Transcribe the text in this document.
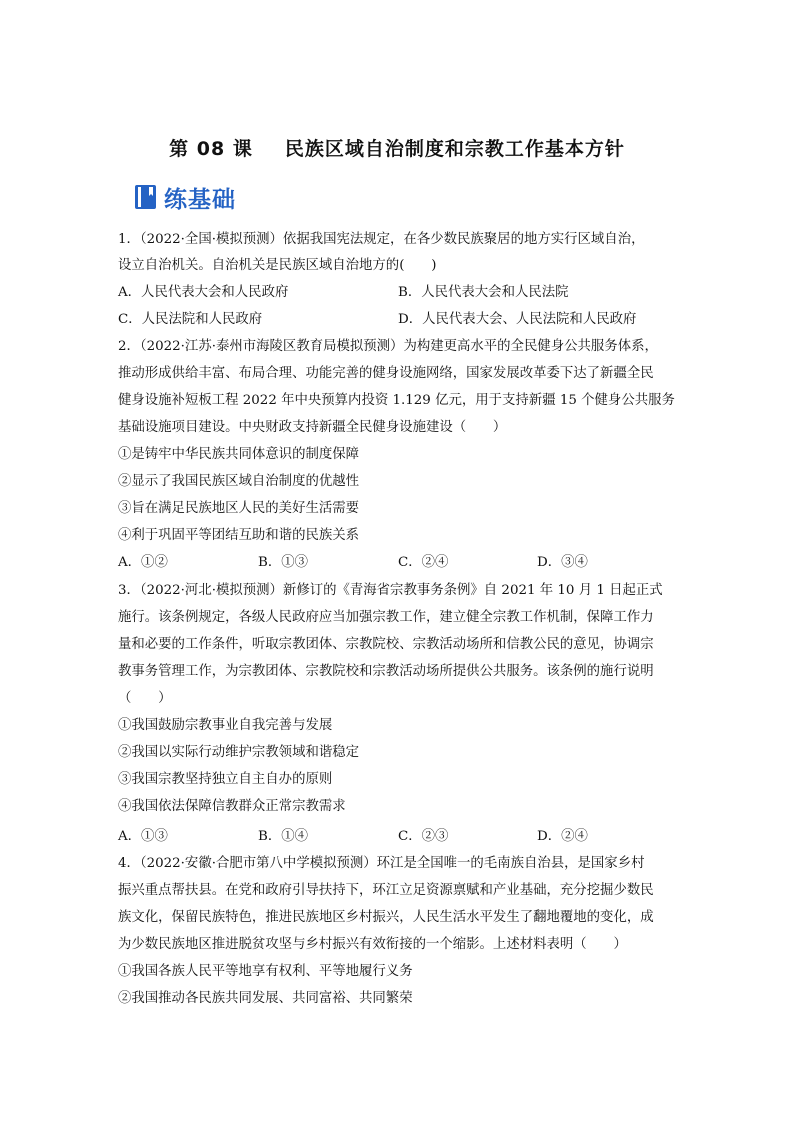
第 08 课 民族区域自治制度和宗教工作基本方针
练基础
1．（2022·全国·模拟预测）依据我国宪法规定，在各少数民族聚居的地方实行区域自治，
设立自治机关。自治机关是民族区域自治地方的(　　)
A．人民代表大会和人民政府	B．人民代表大会和人民法院
C．人民法院和人民政府	D．人民代表大会、人民法院和人民政府
2．（2022·江苏·泰州市海陵区教育局模拟预测）为构建更高水平的全民健身公共服务体系，
推动形成供给丰富、布局合理、功能完善的健身设施网络，国家发展改革委下达了新疆全民
健身设施补短板工程 2022 年中央预算内投资 1.129 亿元，用于支持新疆 15 个健身公共服务
基础设施项目建设。中央财政支持新疆全民健身设施建设（　　）
①是铸牢中华民族共同体意识的制度保障
②显示了我国民族区域自治制度的优越性
③旨在满足民族地区人民的美好生活需要
④利于巩固平等团结互助和谐的民族关系
A．①②	B．①③	C．②④	D．③④
3．（2022·河北·模拟预测）新修订的《青海省宗教事务条例》自 2021 年 10 月 1 日起正式
施行。该条例规定，各级人民政府应当加强宗教工作，建立健全宗教工作机制，保障工作力
量和必要的工作条件，听取宗教团体、宗教院校、宗教活动场所和信教公民的意见，协调宗
教事务管理工作，为宗教团体、宗教院校和宗教活动场所提供公共服务。该条例的施行说明
（　　）
①我国鼓励宗教事业自我完善与发展
②我国以实际行动维护宗教领域和谐稳定
③我国宗教坚持独立自主自办的原则
④我国依法保障信教群众正常宗教需求
A．①③	B．①④	C．②③	D．②④
4．（2022·安徽·合肥市第八中学模拟预测）环江是全国唯一的毛南族自治县，是国家乡村
振兴重点帮扶县。在党和政府引导扶持下，环江立足资源禀赋和产业基础，充分挖掘少数民
族文化，保留民族特色，推进民族地区乡村振兴，人民生活水平发生了翻地覆地的变化，成
为少数民族地区推进脱贫攻坚与乡村振兴有效衔接的一个缩影。上述材料表明（　　）
①我国各族人民平等地享有权利、平等地履行义务
②我国推动各民族共同发展、共同富裕、共同繁荣
